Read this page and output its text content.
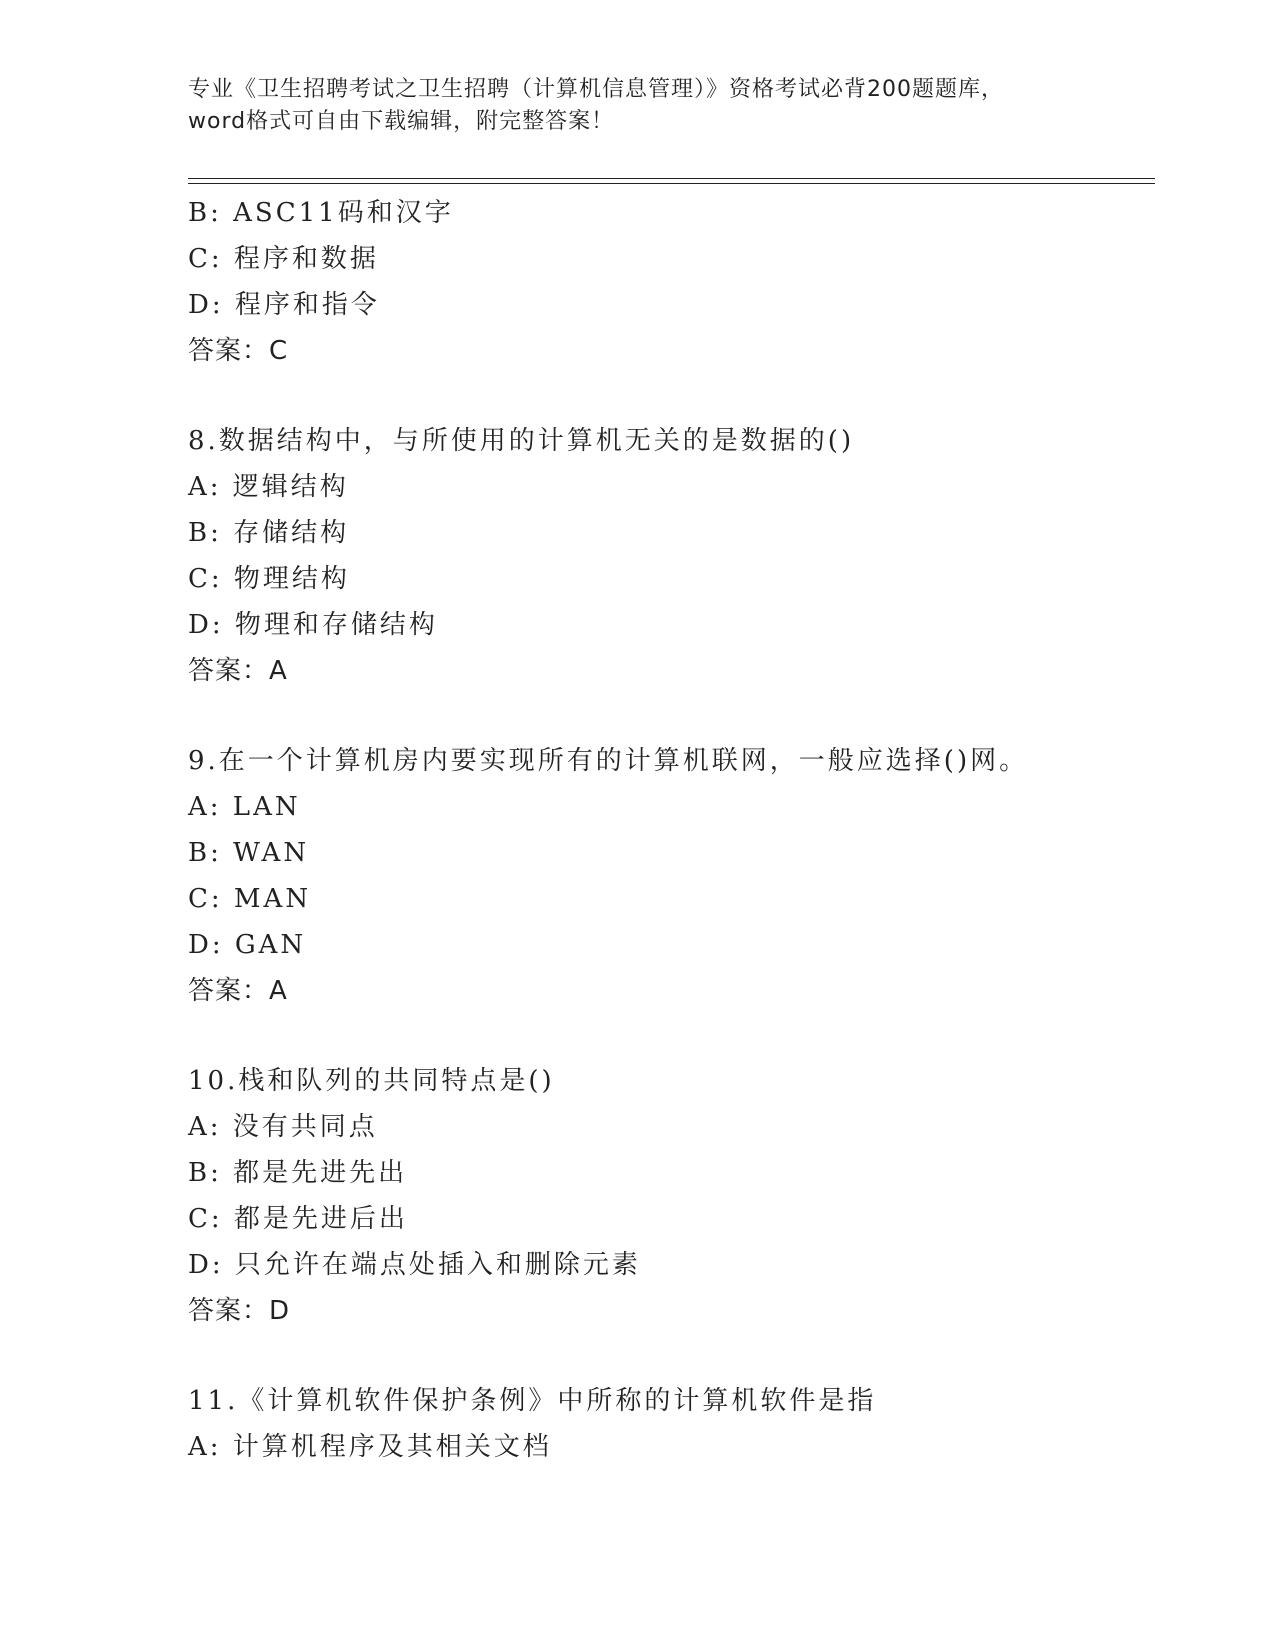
专业《卫生招聘考试之卫生招聘（计算机信息管理）》资格考试必背200题题库，
word格式可自由下载编辑，附完整答案！
B: ASC11码和汉字
C: 程序和数据
D: 程序和指令
答案：C
8.数据结构中，与所使用的计算机无关的是数据的()
A: 逻辑结构
B: 存储结构
C: 物理结构
D: 物理和存储结构
答案：A
9.在一个计算机房内要实现所有的计算机联网，一般应选择()网。
A: LAN
B: WAN
C: MAN
D: GAN
答案：A
10.栈和队列的共同特点是()
A: 没有共同点
B: 都是先进先出
C: 都是先进后出
D: 只允许在端点处插入和删除元素
答案：D
11.《计算机软件保护条例》中所称的计算机软件是指
A: 计算机程序及其相关文档
